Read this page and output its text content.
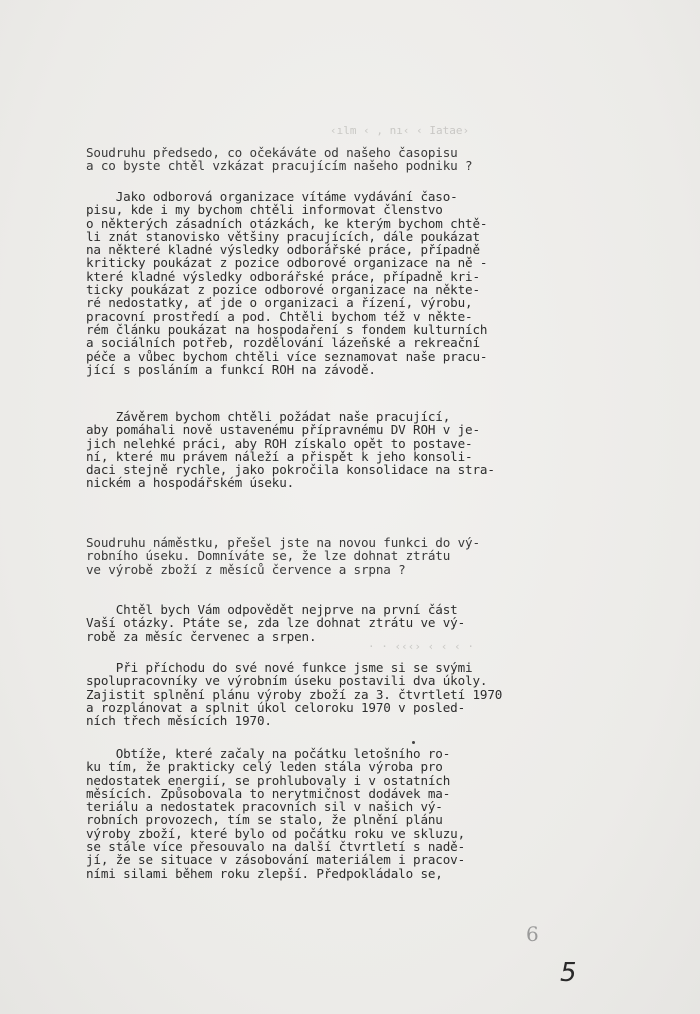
‹ılm ‹ , nı‹ ‹ Iatae›
· · ‹‹‹› ‹ ‹ ‹ ·
Soudruhu předsedo, co očekáváte od našeho časopisu
a co byste chtěl vzkázat pracujícím našeho podniku ?
Jako odborová organizace vítáme vydávání časo-
pisu, kde i my bychom chtěli informovat členstvo
o některých zásadních otázkách, ke kterým bychom chtě-
li znát stanovisko většiny pracujících, dále poukázat
na některé kladné výsledky odborářské práce, případně
kriticky poukázat z pozice odborové organizace na ně -
které kladné výsledky odborářské práce, případně kri-
ticky poukázat z pozice odborové organizace na někte-
ré nedostatky, ať jde o organizaci a řízení, výrobu,
pracovní prostředí a pod. Chtěli bychom též v někte-
rém článku poukázat na hospodaření s fondem kulturních
a sociálních potřeb, rozdělování lázeňské a rekreační
péče a vůbec bychom chtěli více seznamovat naše pracu-
jící s posláním a funkcí ROH na závodě.
Závěrem bychom chtěli požádat naše pracující,
aby pomáhali nově ustavenému přípravnému DV ROH v je-
jich nelehké práci, aby ROH získalo opět to postave-
ní, které mu právem náleží a přispět k jeho konsoli-
daci stejně rychle, jako pokročila konsolidace na stra-
nickém a hospodářském úseku.
Soudruhu náměstku, přešel jste na novou funkci do vý-
robního úseku. Domníváte se, že lze dohnat ztrátu
ve výrobě zboží z měsíců července a srpna ?
Chtěl bych Vám odpovědět nejprve na první část
Vaší otázky. Ptáte se, zda lze dohnat ztrátu ve vý-
robě za měsíc červenec a srpen.
Při příchodu do své nové funkce jsme si se svými
spolupracovníky ve výrobním úseku postavili dva úkoly.
Zajistit splnění plánu výroby zboží za 3. čtvrtletí 1970
a rozplánovat a splnit úkol celoroku 1970 v posled-
ních třech měsících 1970.
Obtíže, které začaly na počátku letošního ro-
ku tím, že prakticky celý leden stála výroba pro
nedostatek energií, se prohlubovaly i v ostatních
měsících. Způsobovala to nerytmičnost dodávek ma-
teriálu a nedostatek pracovních sil v našich vý-
robních provozech, tím se stalo, že plnění plánu
výroby zboží, které bylo od počátku roku ve skluzu,
se stále více přesouvalo na další čtvrtletí s nadě-
jí, že se situace v zásobování materiálem i pracov-
ními silami během roku zlepší. Předpokládalo se,
6
5
